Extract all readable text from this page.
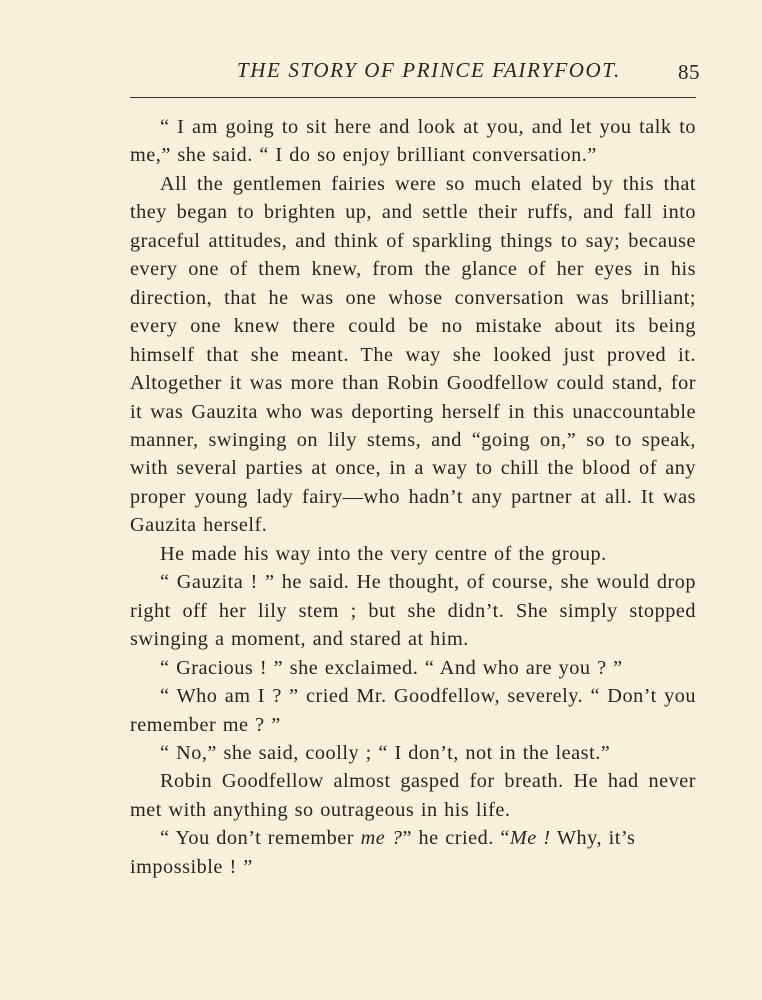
THE STORY OF PRINCE FAIRYFOOT.	85

“ I am going to sit here and look at you, and let you talk to me,” she said. “ I do so enjoy brilliant conversation.”

All the gentlemen fairies were so much elated by this that they began to brighten up, and settle their ruffs, and fall into graceful attitudes, and think of sparkling things to say; because every one of them knew, from the glance of her eyes in his direction, that he was one whose conversation was brilliant; every one knew there could be no mistake about its being himself that she meant. The way she looked just proved it. Altogether it was more than Robin Goodfellow could stand, for it was Gauzita who was deporting herself in this unaccountable manner, swinging on lily stems, and “going on,” so to speak, with several parties at once, in a way to chill the blood of any proper young lady fairy—who hadn’t any partner at all. It was Gauzita herself.

He made his way into the very centre of the group.

“ Gauzita ! ” he said. He thought, of course, she would drop right off her lily stem ; but she didn’t. She simply stopped swinging a moment, and stared at him.

“ Gracious ! ” she exclaimed. “ And who are you ? ”

“ Who am I ? ” cried Mr. Goodfellow, severely. “ Don’t you remember me ? ”

“ No,” she said, coolly ; “ I don’t, not in the least.”

Robin Goodfellow almost gasped for breath. He had never met with anything so outrageous in his life.

“ You don’t remember me ?” he cried. “Me ! Why, it’s impossible ! ”
